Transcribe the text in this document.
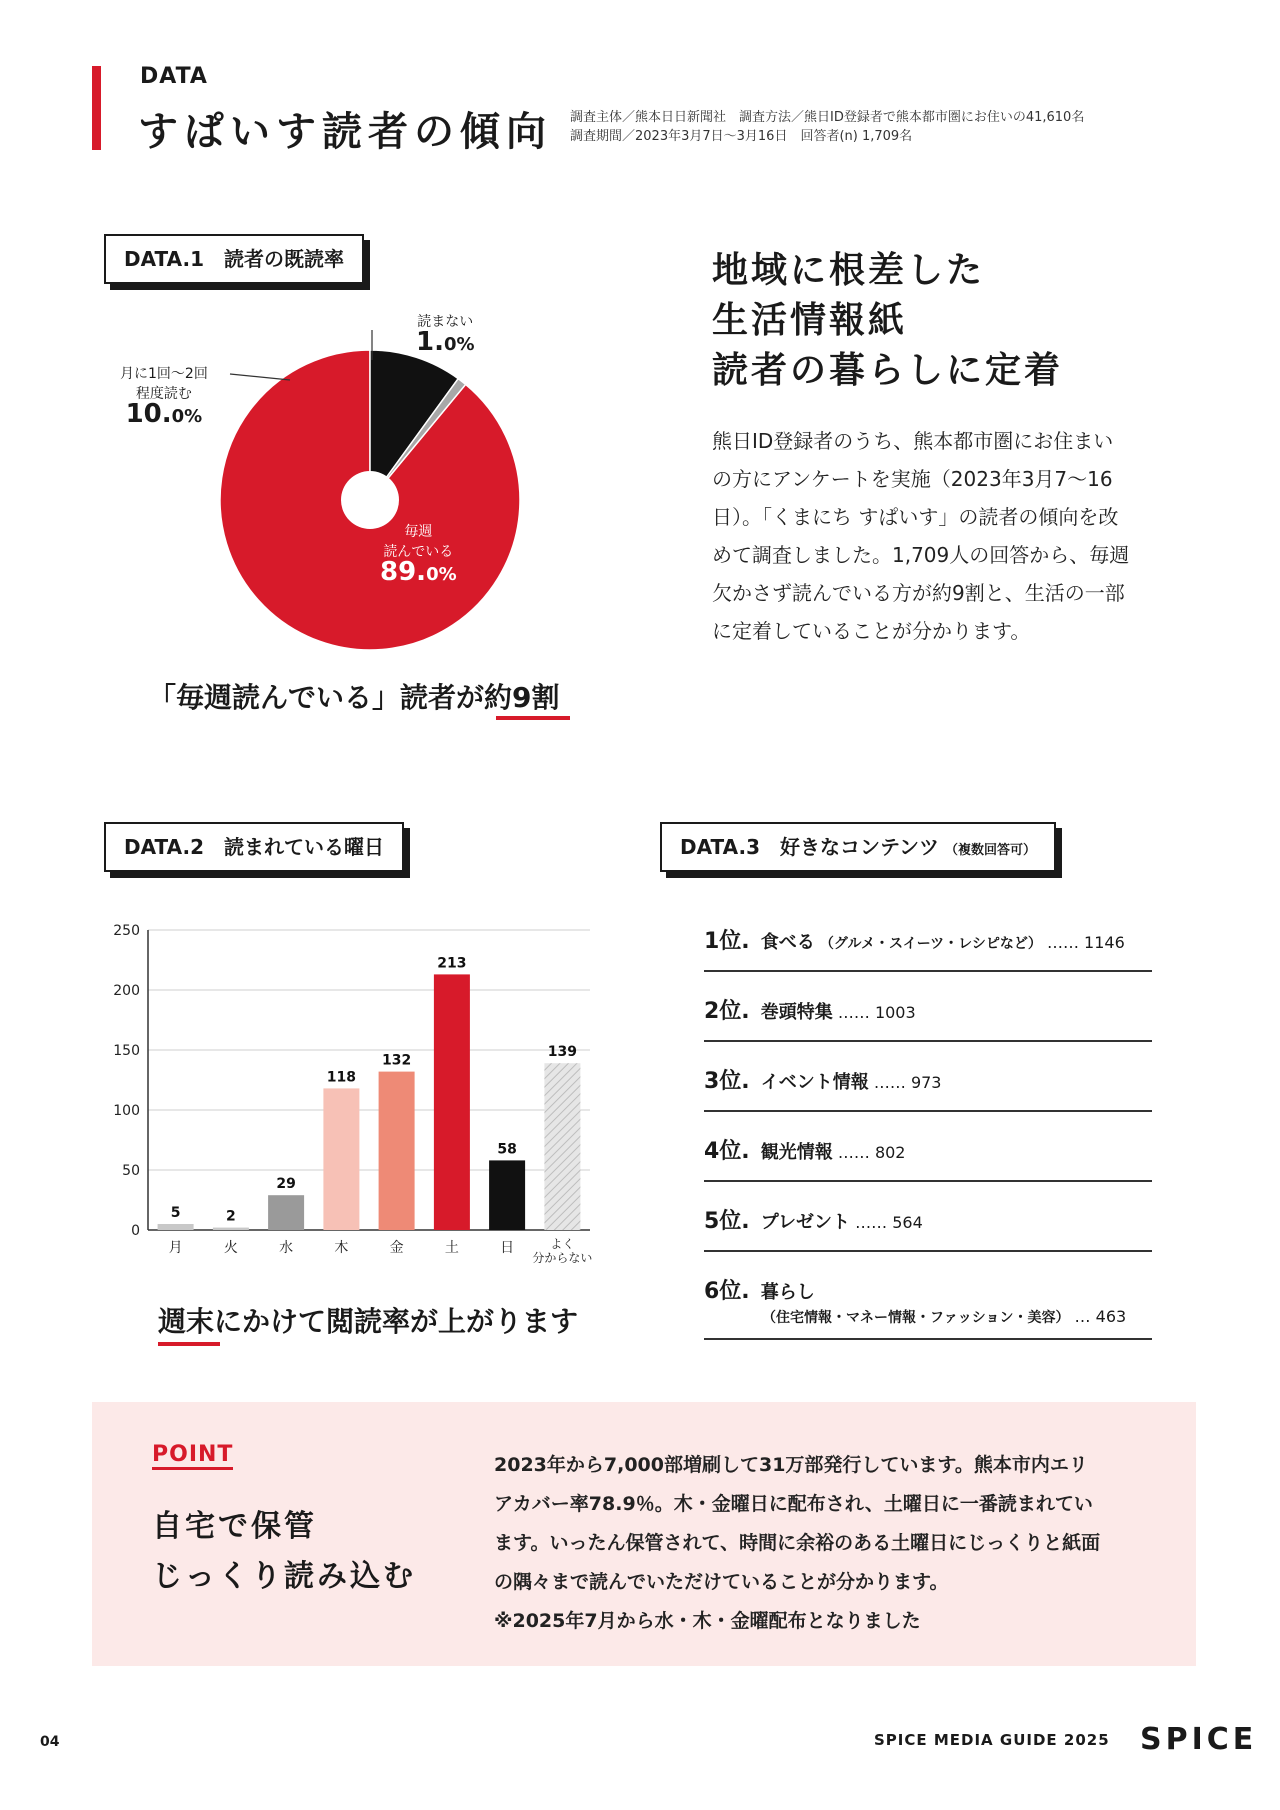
DATA
すぱいす読者の傾向 調査主体／熊本日日新聞社　調査方法／熊日ID登録者で熊本都市圏にお住いの41,610名
調査期間／2023年3月7日～3月16日　回答者(n) 1,709名
DATA.1　読者の既読率
読まない
1.0%
月に1回～2回
程度読む
10.0%
毎週
読んでいる
89.0%
「毎週読んでいる」読者が約9割
地域に根差した
生活情報紙
読者の暮らしに定着
熊日ID登録者のうち、熊本都市圏にお住まいの方にアンケートを実施（2023年3月7～16日）。「くまにち すぱいす」の読者の傾向を改めて調査しました。1,709人の回答から、毎週欠かさず読んでいる方が約9割と、生活の一部に定着していることが分かります。
DATA.2　読まれている曜日
0
50
100
150
200
250
5
月
2
火
29
水
118
木
132
金
213
土
58
日
139
よく
分からない
週末にかけて閲読率が上がります
DATA.3　好きなコンテンツ （複数回答可）
1位. 食べる （グルメ・スイーツ・レシピなど） …… 1146
2位. 巻頭特集 …… 1003
3位. イベント情報 …… 973
4位. 観光情報 …… 802
5位. プレゼント …… 564
6位. 暮らし
（住宅情報・マネー情報・ファッション・美容） … 463
POINT
自宅で保管
じっくり読み込む
2023年から7,000部増刷して31万部発行しています。熊本市内エリ
アカバー率78.9％。木・金曜日に配布され、土曜日に一番読まれてい
ます。いったん保管されて、時間に余裕のある土曜日にじっくりと紙面
の隅々まで読んでいただけていることが分かります。
※2025年7月から水・木・金曜配布となりました
04	SPICE MEDIA GUIDE 2025 SPICE
